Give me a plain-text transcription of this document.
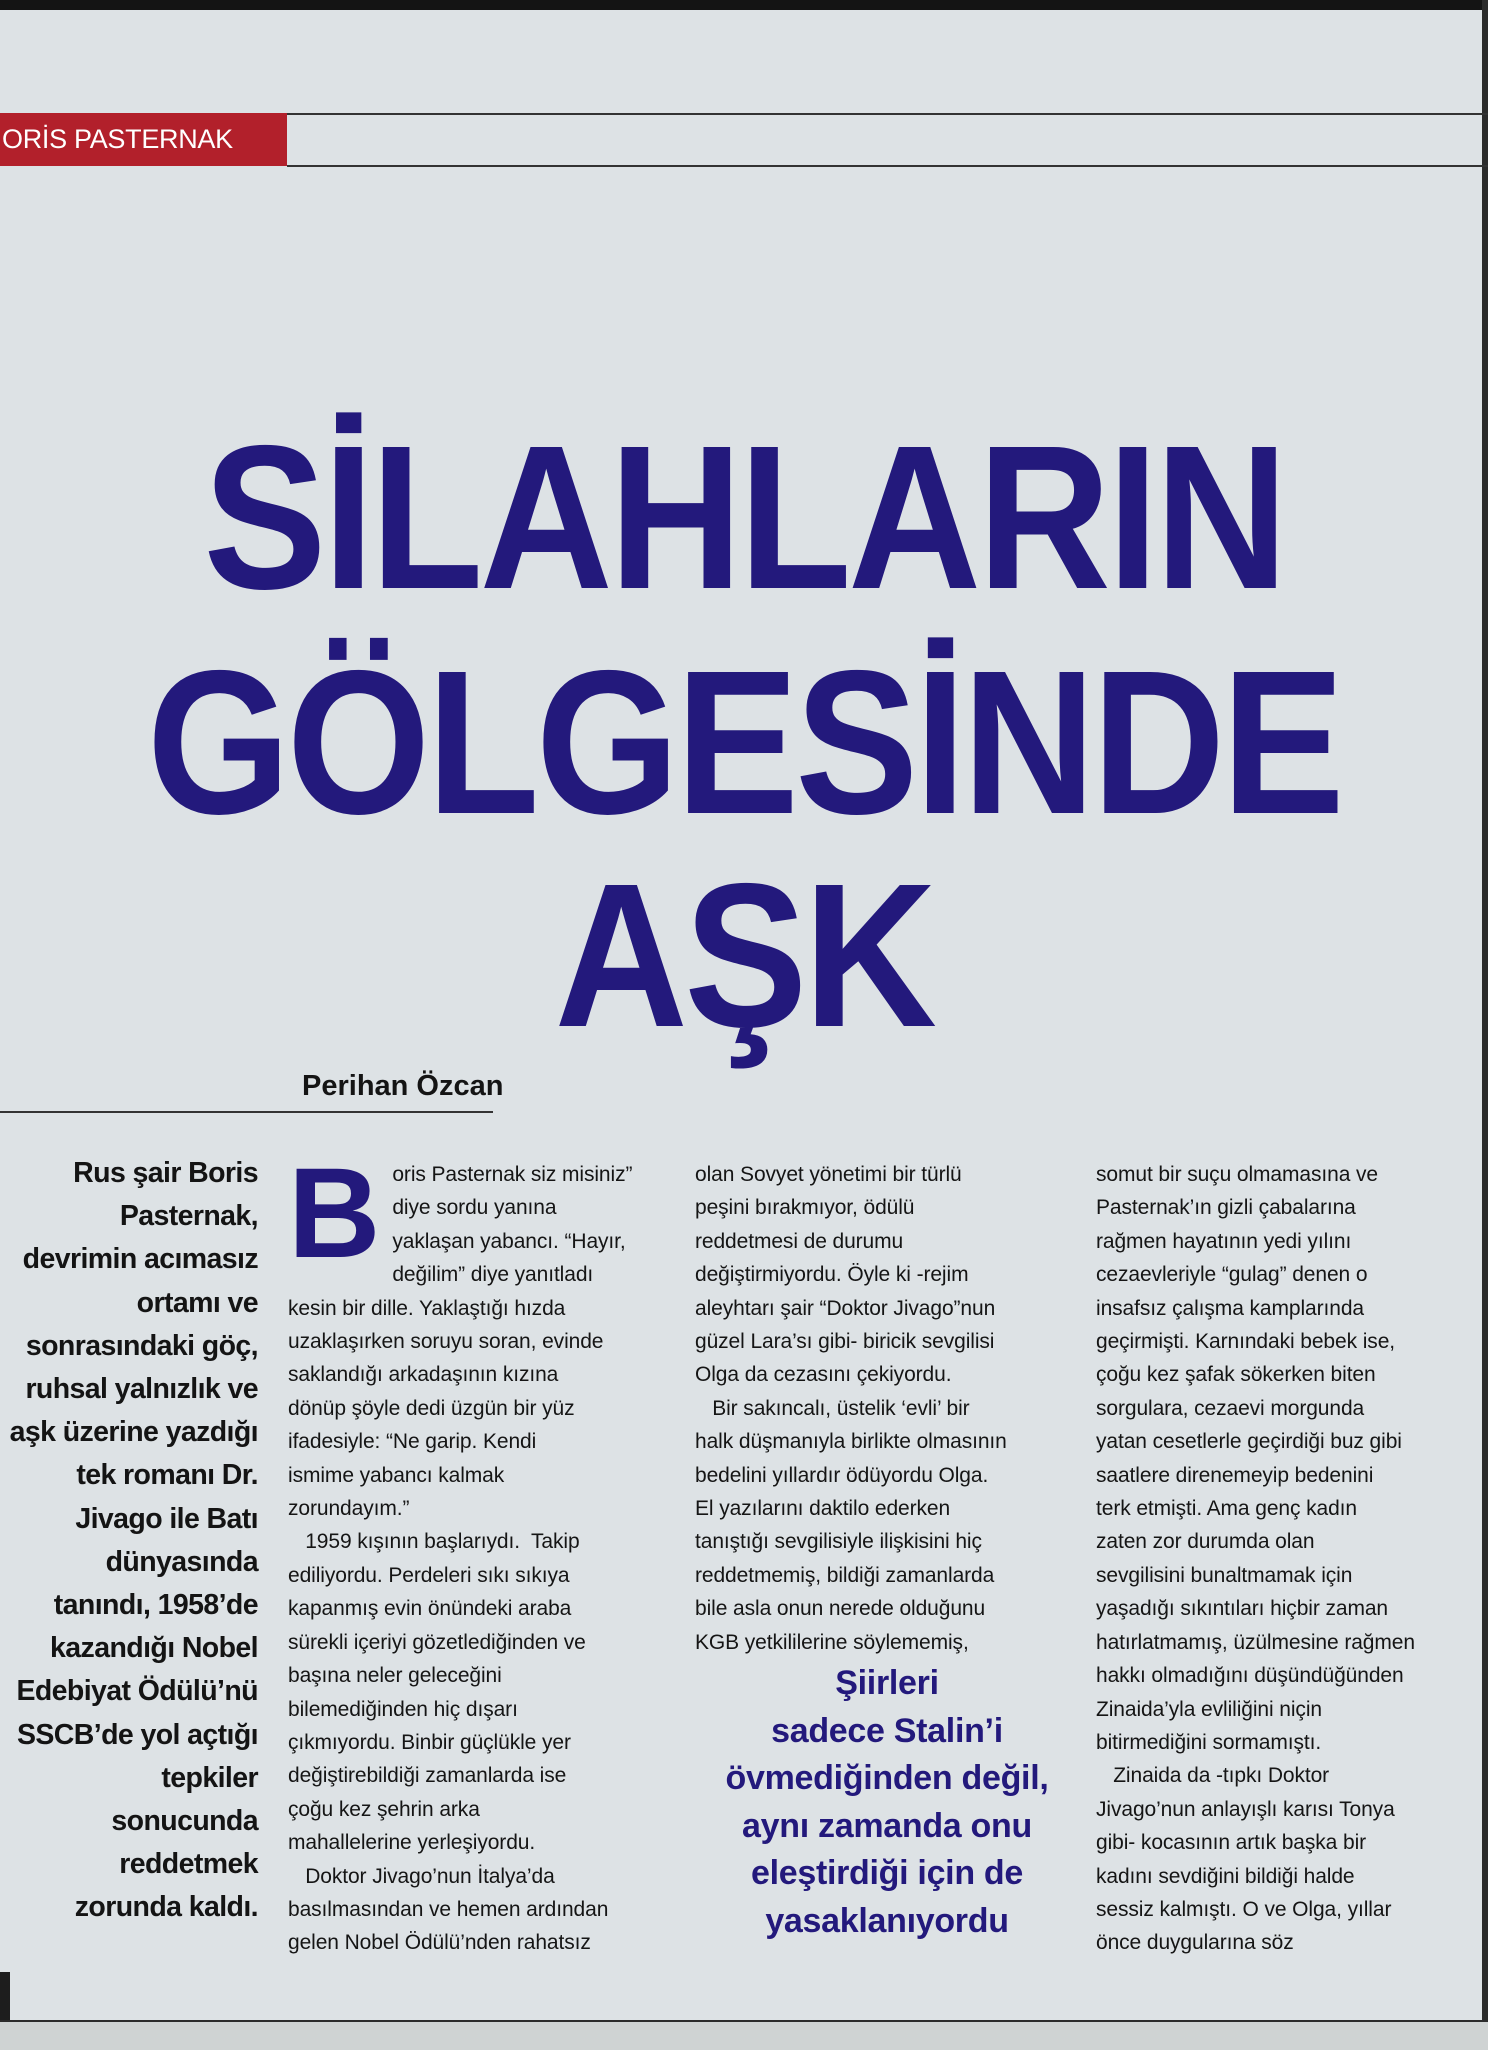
ORİS PASTERNAK
SİLAHLARIN
GÖLGESİNDE
AŞK
Perihan Özcan

Rus şair Boris

Pasternak,

devrimin acımasız

ortamı ve

sonrasındaki göç,

ruhsal yalnızlık ve

aşk üzerine yazdığı

tek romanı Dr.

Jivago ile Batı

dünyasında

tanındı, 1958’de

kazandığı Nobel

Edebiyat Ödülü’nü

SSCB’de yol açtığı

tepkiler

sonucunda

reddetmek

zorunda kaldı.

B oris Pasternak siz misiniz”

diye sordu yanına

yaklaşan yabancı. “Hayır,

değilim” diye yanıtladı

kesin bir dille. Yaklaştığı hızda

uzaklaşırken soruyu soran, evinde

saklandığı arkadaşının kızına

dönüp şöyle dedi üzgün bir yüz

ifadesiyle: “Ne garip. Kendi

ismime yabancı kalmak

zorundayım.”

1959 kışının başlarıydı.  Takip

ediliyordu. Perdeleri sıkı sıkıya

kapanmış evin önündeki araba

sürekli içeriyi gözetlediğinden ve

başına neler geleceğini

bilemediğinden hiç dışarı

çıkmıyordu. Binbir güçlükle yer

değiştirebildiği zamanlarda ise

çoğu kez şehrin arka

mahallelerine yerleşiyordu.

Doktor Jivago’nun İtalya’da

basılmasından ve hemen ardından

gelen Nobel Ödülü’nden rahatsız

olan Sovyet yönetimi bir türlü

peşini bırakmıyor, ödülü

reddetmesi de durumu

değiştirmiyordu. Öyle ki -rejim

aleyhtarı şair “Doktor Jivago”nun

güzel Lara’sı gibi- biricik sevgilisi

Olga da cezasını çekiyordu.

Bir sakıncalı, üstelik ‘evli’ bir

halk düşmanıyla birlikte olmasının

bedelini yıllardır ödüyordu Olga.

El yazılarını daktilo ederken

tanıştığı sevgilisiyle ilişkisini hiç

reddetmemiş, bildiği zamanlarda

bile asla onun nerede olduğunu

KGB yetkililerine söylememiş,

Şiirleri

sadece Stalin’i

övmediğinden değil,

aynı zamanda onu

eleştirdiği için de

yasaklanıyordu

somut bir suçu olmamasına ve

Pasternak’ın gizli çabalarına

rağmen hayatının yedi yılını

cezaevleriyle “gulag” denen o

insafsız çalışma kamplarında

geçirmişti. Karnındaki bebek ise,

çoğu kez şafak sökerken biten

sorgulara, cezaevi morgunda

yatan cesetlerle geçirdiği buz gibi

saatlere direnemeyip bedenini

terk etmişti. Ama genç kadın

zaten zor durumda olan

sevgilisini bunaltmamak için

yaşadığı sıkıntıları hiçbir zaman

hatırlatmamış, üzülmesine rağmen

hakkı olmadığını düşündüğünden

Zinaida’yla evliliğini niçin

bitirmediğini sormamıştı.

Zinaida da -tıpkı Doktor

Jivago’nun anlayışlı karısı Tonya

gibi- kocasının artık başka bir

kadını sevdiğini bildiği halde

sessiz kalmıştı. O ve Olga, yıllar

önce duygularına söz
